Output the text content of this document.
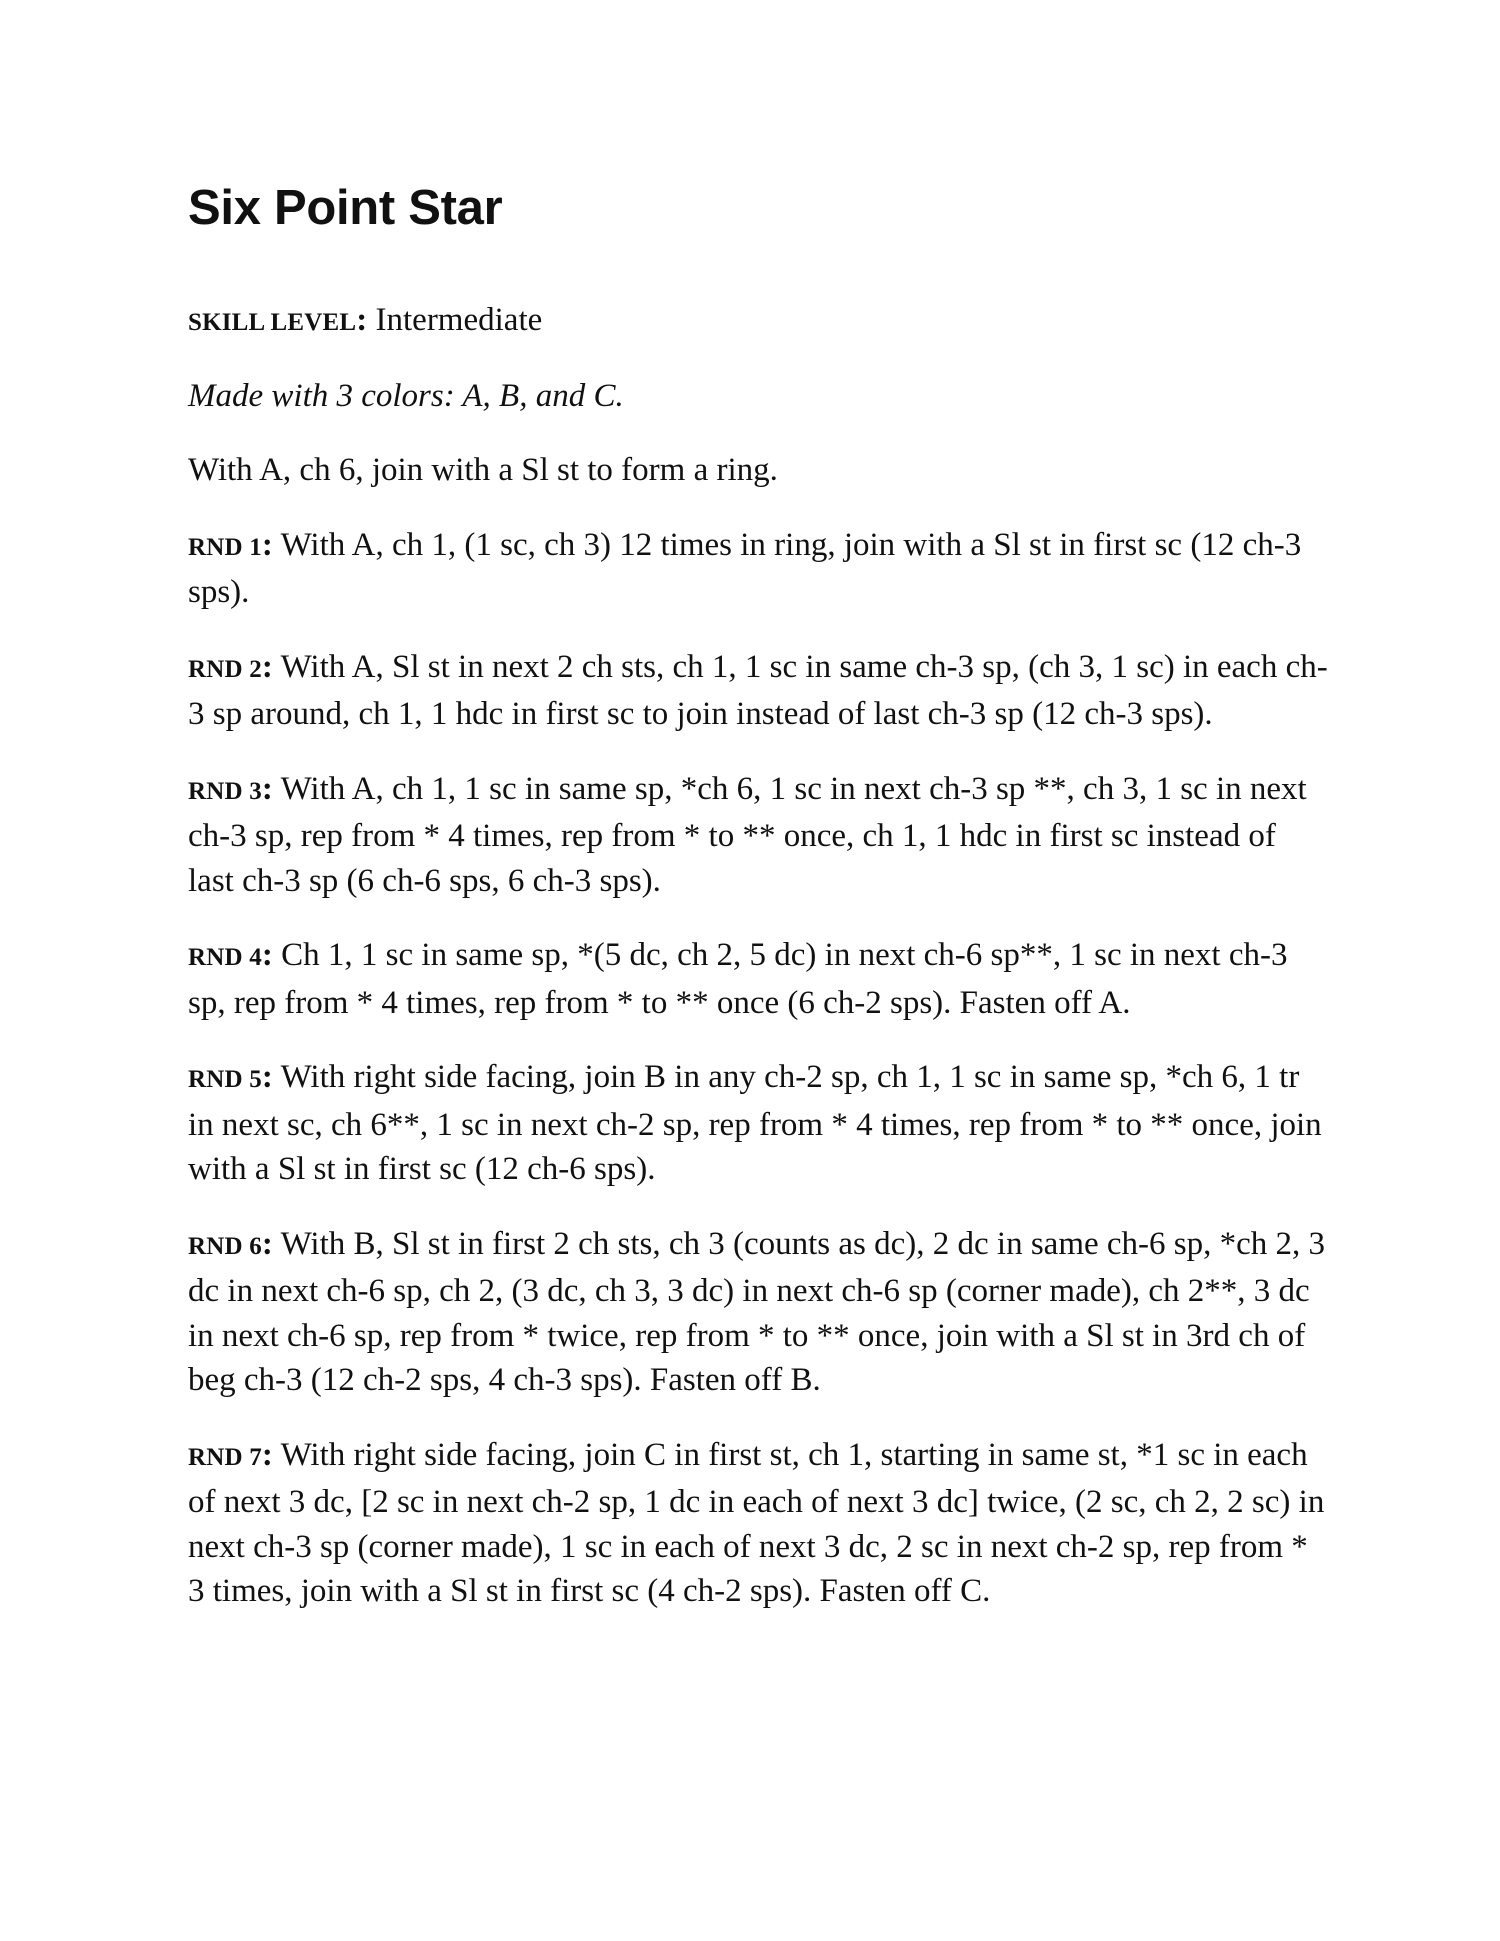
Six Point Star

SKILL LEVEL: Intermediate

Made with 3 colors: A, B, and C.

With A, ch 6, join with a Sl st to form a ring.

RND 1: With A, ch 1, (1 sc, ch 3) 12 times in ring, join with a Sl st in first sc (12 ch-3 sps).

RND 2: With A, Sl st in next 2 ch sts, ch 1, 1 sc in same ch-3 sp, (ch 3, 1 sc) in each ch-3 sp around, ch 1, 1 hdc in first sc to join instead of last ch-3 sp (12 ch-3 sps).

RND 3: With A, ch 1, 1 sc in same sp, *ch 6, 1 sc in next ch-3 sp **, ch 3, 1 sc in next ch-3 sp, rep from * 4 times, rep from * to ** once, ch 1, 1 hdc in first sc instead of last ch-3 sp (6 ch-6 sps, 6 ch-3 sps).

RND 4: Ch 1, 1 sc in same sp, *(5 dc, ch 2, 5 dc) in next ch-6 sp**, 1 sc in next ch-3 sp, rep from * 4 times, rep from * to ** once (6 ch-2 sps). Fasten off A.

RND 5: With right side facing, join B in any ch-2 sp, ch 1, 1 sc in same sp, *ch 6, 1 tr in next sc, ch 6**, 1 sc in next ch-2 sp, rep from * 4 times, rep from * to ** once, join with a Sl st in first sc (12 ch-6 sps).

RND 6: With B, Sl st in first 2 ch sts, ch 3 (counts as dc), 2 dc in same ch-6 sp, *ch 2, 3 dc in next ch-6 sp, ch 2, (3 dc, ch 3, 3 dc) in next ch-6 sp (corner made), ch 2**, 3 dc in next ch-6 sp, rep from * twice, rep from * to ** once, join with a Sl st in 3rd ch of beg ch-3 (12 ch-2 sps, 4 ch-3 sps). Fasten off B.

RND 7: With right side facing, join C in first st, ch 1, starting in same st, *1 sc in each of next 3 dc, [2 sc in next ch-2 sp, 1 dc in each of next 3 dc] twice, (2 sc, ch 2, 2 sc) in next ch-3 sp (corner made), 1 sc in each of next 3 dc, 2 sc in next ch-2 sp, rep from * 3 times, join with a Sl st in first sc (4 ch-2 sps). Fasten off C.
